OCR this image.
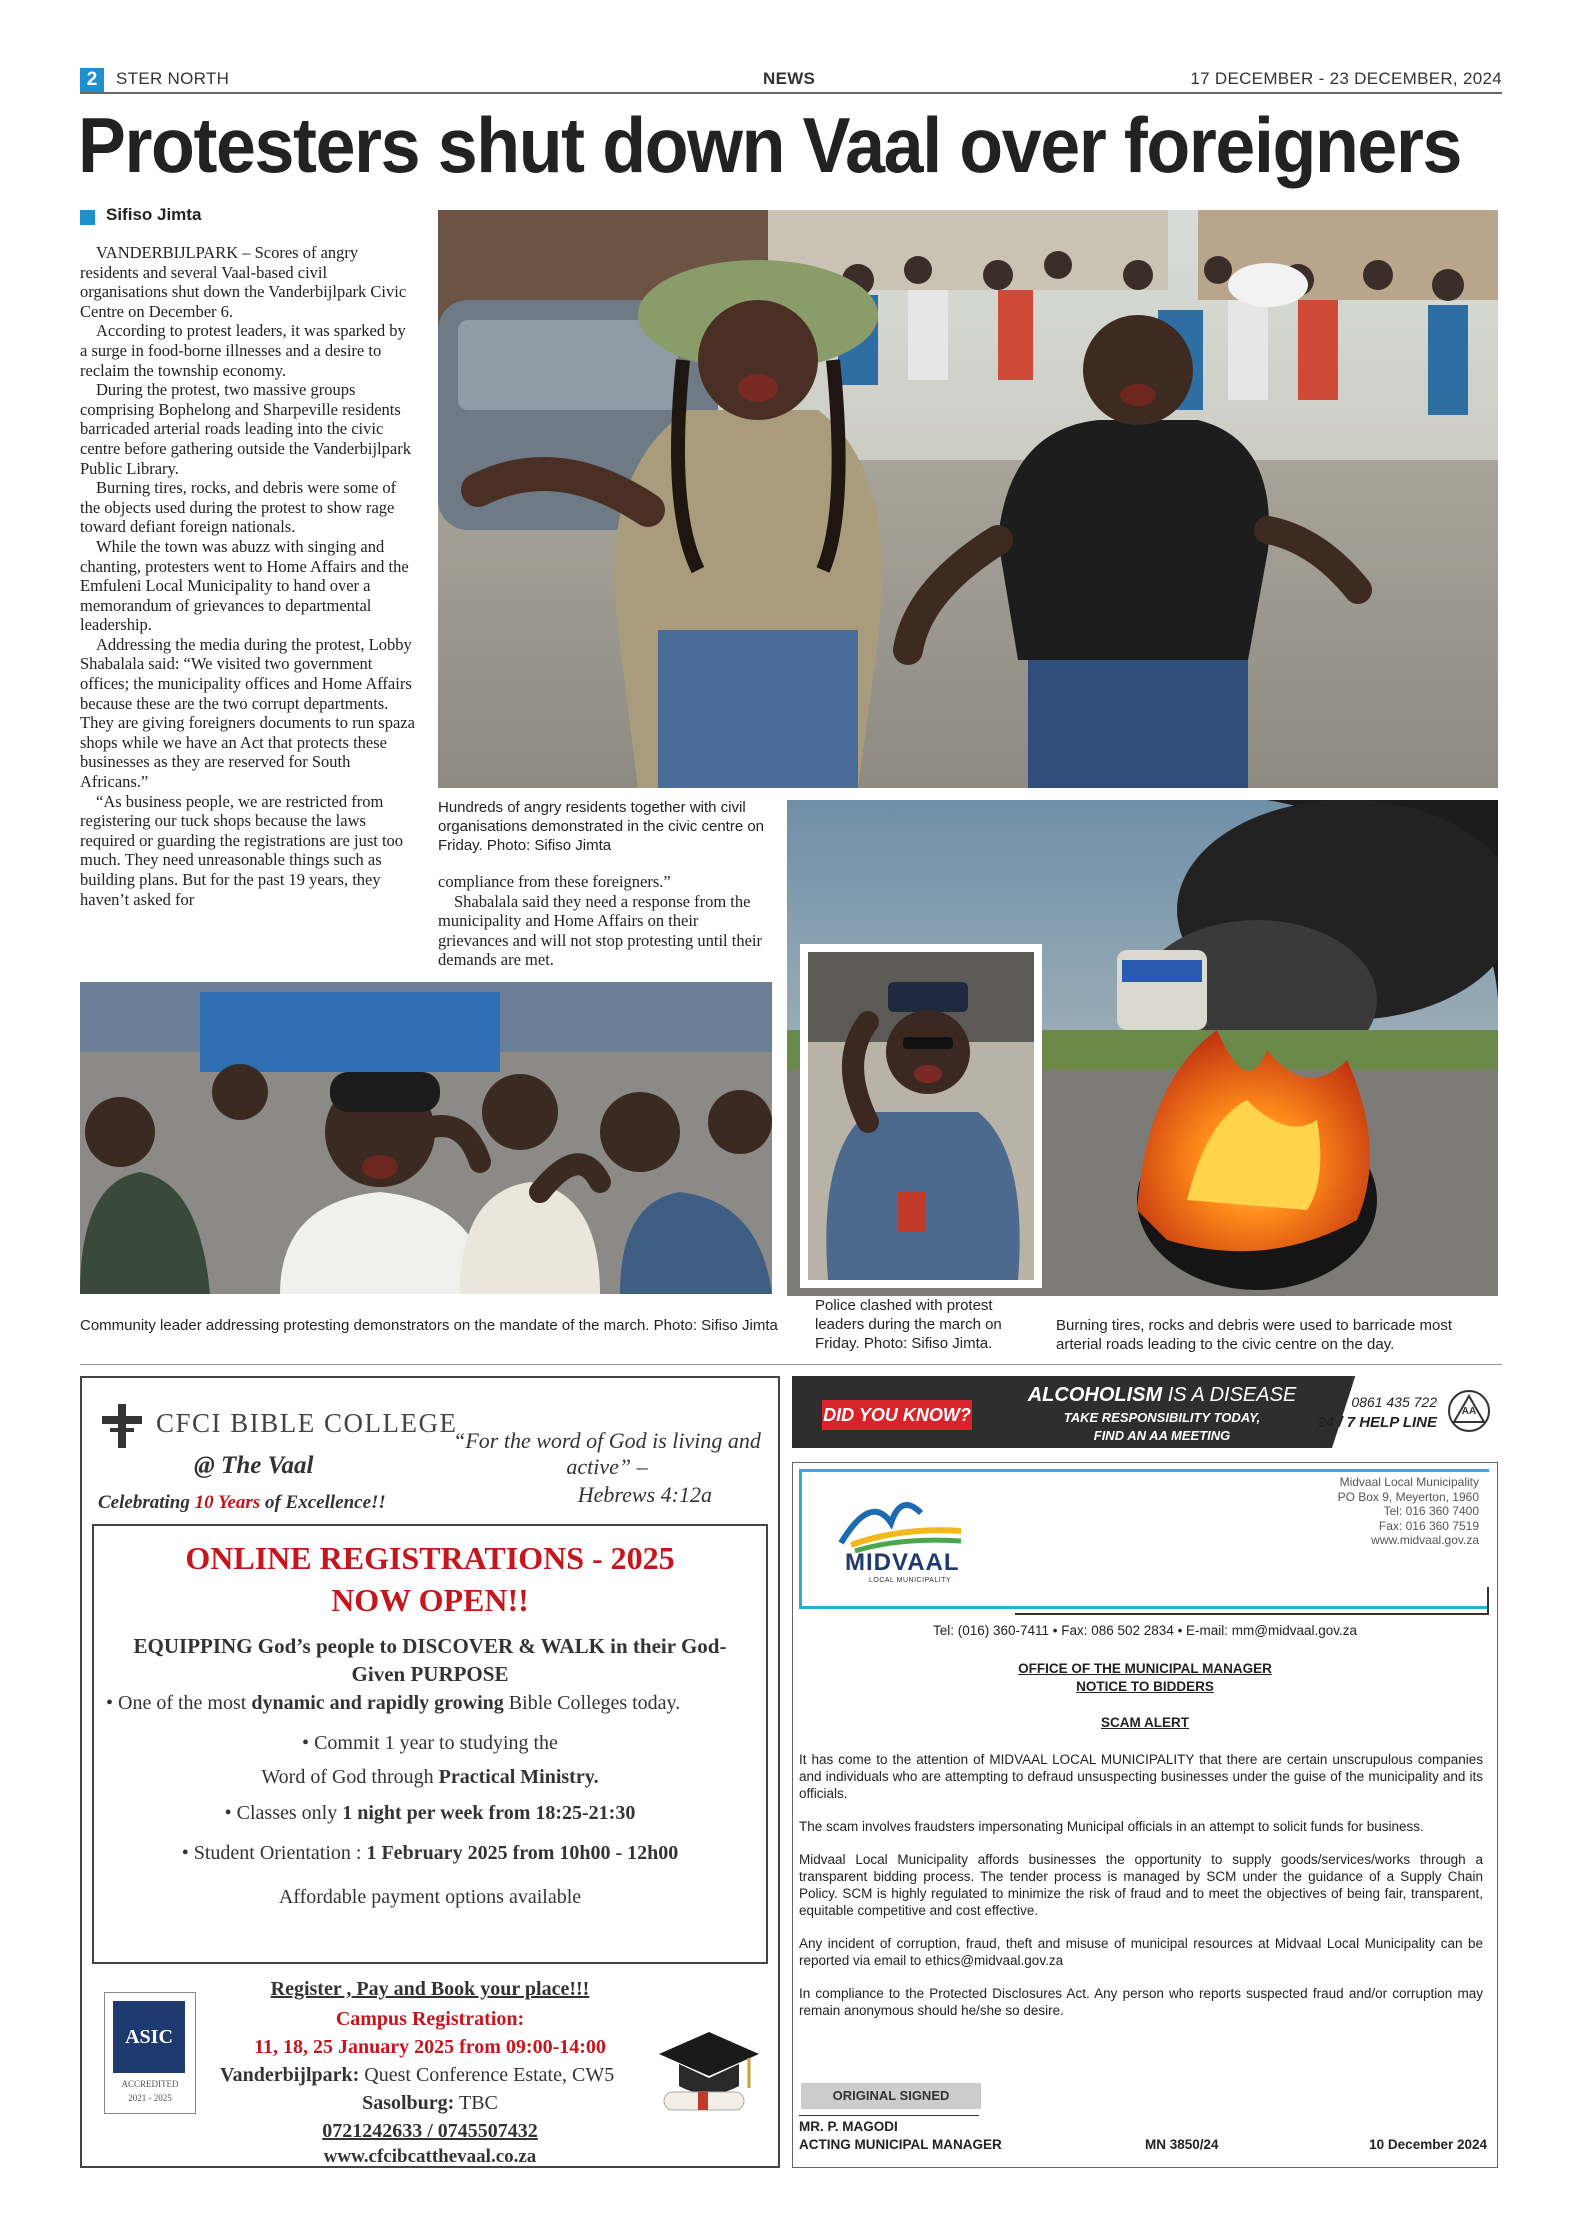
2	STER NORTH	NEWS	17 DECEMBER - 23 DECEMBER, 2024
Protesters shut down Vaal over foreigners
Sifiso Jimta

VANDERBIJLPARK – Scores of angry residents and several Vaal-based civil organisations shut down the Vanderbijlpark Civic Centre on December 6.

According to protest leaders, it was sparked by a surge in food-borne illnesses and a desire to reclaim the township economy.

During the protest, two massive groups comprising Bophelong and Sharpeville residents barricaded arterial roads leading into the civic centre before gathering outside the Vanderbijlpark Public Library.

Burning tires, rocks, and debris were some of the objects used during the protest to show rage toward defiant foreign nationals.

While the town was abuzz with singing and chanting, protesters went to Home Affairs and the Emfuleni Local Municipality to hand over a memorandum of grievances to departmental leadership.

Addressing the media during the protest, Lobby Shabalala said: “We visited two government offices; the municipality offices and Home Affairs because these are the two corrupt departments. They are giving foreigners documents to run spaza shops while we have an Act that protects these businesses as they are reserved for South Africans.”

“As business people, we are restricted from registering our tuck shops because the laws required or guarding the registrations are just too much. They need unreasonable things such as building plans. But for the past 19 years, they haven’t asked for

Hundreds of angry residents together with civil organisations demonstrated in the civic centre on Friday. Photo: Sifiso Jimta

compliance from these foreigners.”

Shabalala said they need a response from the municipality and Home Affairs on their grievances and will not stop protesting until their demands are met.

Community leader addressing protesting demonstrators on the mandate of the march. Photo: Sifiso Jimta
Police clashed with protest leaders during the march on Friday. Photo: Sifiso Jimta.
Burning tires, rocks and debris were used to barricade most arterial roads leading to the civic centre on the day.
CFCI BIBLE COLLEGE
@ The Vaal
Celebrating 10 Years of Excellence!!
“For the word of God is living and active” –
Hebrews 4:12a
ONLINE REGISTRATIONS - 2025
NOW OPEN!!
EQUIPPING God’s people to DISCOVER & WALK in their God-Given PURPOSE
• One of the most dynamic and rapidly growing Bible Colleges today.
• Commit 1 year to studying the
Word of God through Practical Ministry.
• Classes only 1 night per week from 18:25-21:30
• Student Orientation : 1 February 2025 from 10h00 - 12h00
Affordable payment options available
Register , Pay and Book your place!!!
Campus Registration:
11, 18, 25 January 2025 from 09:00-14:00
Vanderbijlpark: Quest Conference Estate, CW5
Sasolburg: TBC
0721242633 / 0745507432
www.cfcibcatthevaal.co.za
ASIC
ACCREDITED
2021 - 2025
DID YOU KNOW?
ALCOHOLISM IS A DISEASE
TAKE RESPONSIBILITY TODAY,
FIND AN AA MEETING
0861 435 722
24 / 7 HELP LINE
AA
MIDVAAL
LOCAL MUNICIPALITY
Midvaal Local Municipality
PO Box 9, Meyerton, 1960
Tel: 016 360 7400
Fax: 016 360 7519
www.midvaal.gov.za
Tel: (016) 360-7411 • Fax: 086 502 2834 • E-mail: mm@midvaal.gov.za
OFFICE OF THE MUNICIPAL MANAGER
NOTICE TO BIDDERS
SCAM ALERT

It has come to the attention of MIDVAAL LOCAL MUNICIPALITY that there are certain unscrupulous companies and individuals who are attempting to defraud unsuspecting businesses under the guise of the municipality and its officials.

The scam involves fraudsters impersonating Municipal officials in an attempt to solicit funds for business.

Midvaal Local Municipality affords businesses the opportunity to supply goods/services/works through a transparent bidding process. The tender process is managed by SCM under the guidance of a Supply Chain Policy. SCM is highly regulated to minimize the risk of fraud and to meet the objectives of being fair, transparent, equitable competitive and cost effective.

Any incident of corruption, fraud, theft and misuse of municipal resources at Midvaal Local Municipality can be reported via email to ethics@midvaal.gov.za

In compliance to the Protected Disclosures Act. Any person who reports suspected fraud and/or corruption may remain anonymous should he/she so desire.

ORIGINAL SIGNED
MR. P. MAGODI
ACTING MUNICIPAL MANAGER	MN 3850/24	10 December 2024
